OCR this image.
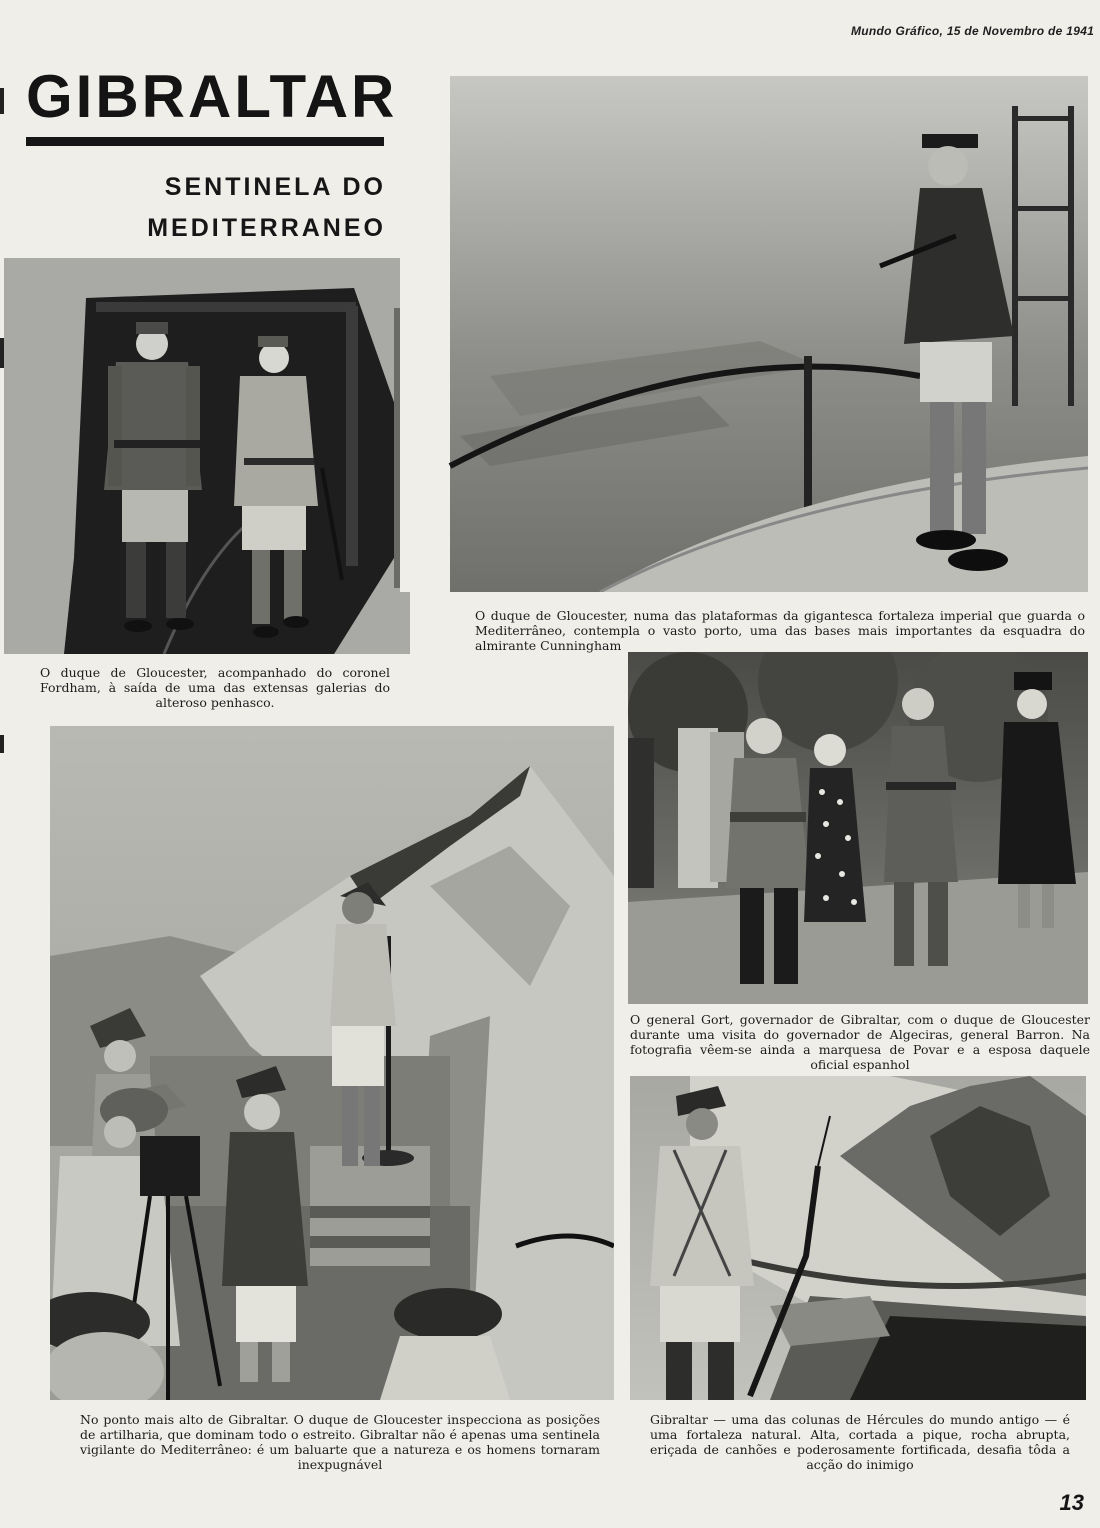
Mundo Gráfico, 15 de Novembro de 1941
GIBRALTAR
SENTINELA DO
MEDITERRANEO
O duque de Gloucester, acompanhado do coronel Fordham, à saída de uma das extensas galerias do alteroso penhasco.
O duque de Gloucester, numa das plataformas da gigantesca fortaleza imperial que guarda o Mediterrâneo, contempla o vasto porto, uma das bases mais importantes da esquadra do almirante Cunningham
O general Gort, governador de Gibraltar, com o duque de Gloucester durante uma visita do governador de Algeciras, general Barron. Na fotografia vêem-se ainda a marquesa de Povar e a esposa daquele oficial espanhol
No ponto mais alto de Gibraltar. O duque de Gloucester inspecciona as posições de artilharia, que dominam todo o estreito. Gibraltar não é apenas uma sentinela vigilante do Mediterrâneo: é um baluarte que a natureza e os homens tornaram inexpugnável
Gibraltar — uma das colunas de Hércules do mundo antigo — é uma fortaleza natural. Alta, cortada a pique, rocha abrupta, eriçada de canhões e poderosamente fortificada, desafia tôda a acção do inimigo
13
